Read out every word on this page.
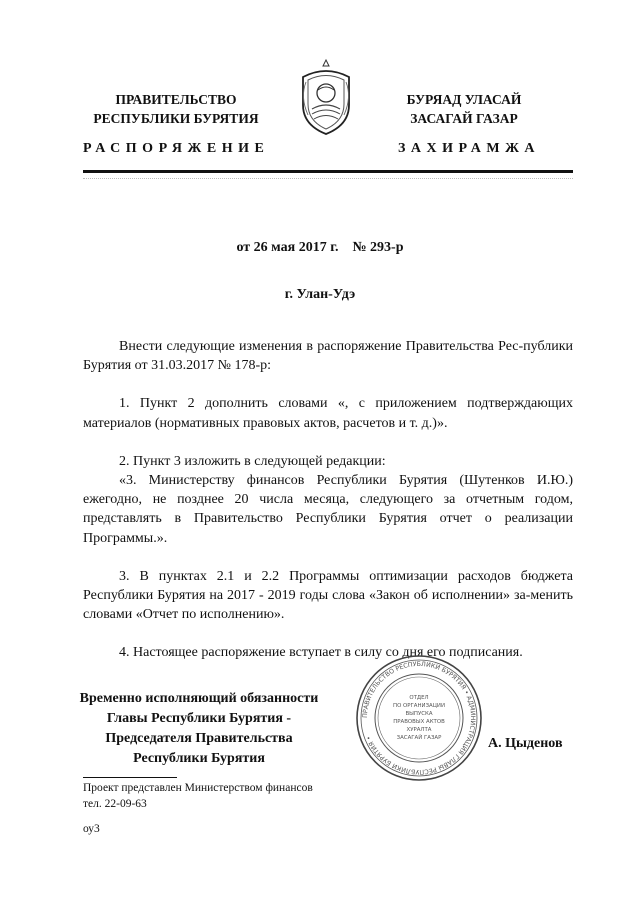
ПРАВИТЕЛЬСТВО
РЕСПУБЛИКИ БУРЯТИЯ
БУРЯАД УЛАСАЙ
ЗАСАГАЙ ГАЗАР
РАСПОРЯЖЕНИЕ	ЗАХИРАМЖА
от 26 мая 2017 г.    № 293-р
г. Улан-Удэ

Внести следующие изменения в распоряжение Правительства Рес-публики Бурятия от 31.03.2017 № 178-р:

1. Пункт 2 дополнить словами «, с приложением подтверждающих материалов (нормативных правовых актов, расчетов и т. д.)».

2. Пункт 3 изложить в следующей редакции:

«3. Министерству финансов Республики Бурятия (Шутенков И.Ю.) ежегодно, не позднее 20 числа месяца, следующего за отчетным годом, представлять в Правительство Республики Бурятия отчет о реализации Программы.».

3. В пунктах 2.1 и 2.2 Программы оптимизации расходов бюджета Республики Бурятия на 2017 - 2019 годы слова «Закон об исполнении» за-менить словами «Отчет по исполнению».

4. Настоящее распоряжение вступает в силу со дня его подписания.

Временно исполняющий обязанности
Главы Республики Бурятия -
Председателя Правительства
Республики Бурятия
ПРАВИТЕЛЬСТВО РЕСПУБЛИКИ БУРЯТИЯ • АДМИНИСТРАЦИЯ ГЛАВЫ РЕСПУБЛИКИ БУРЯТИЯ •
ОТДЕЛ
ПО ОРГАНИЗАЦИИ
ВЫПУСКА
ПРАВОВЫХ АКТОВ
ХУРАЛТА
ЗАСАГАЙ ГАЗАР	А. Цыденов
Проект представлен Министерством финансов
тел. 22-09-63
оу3
